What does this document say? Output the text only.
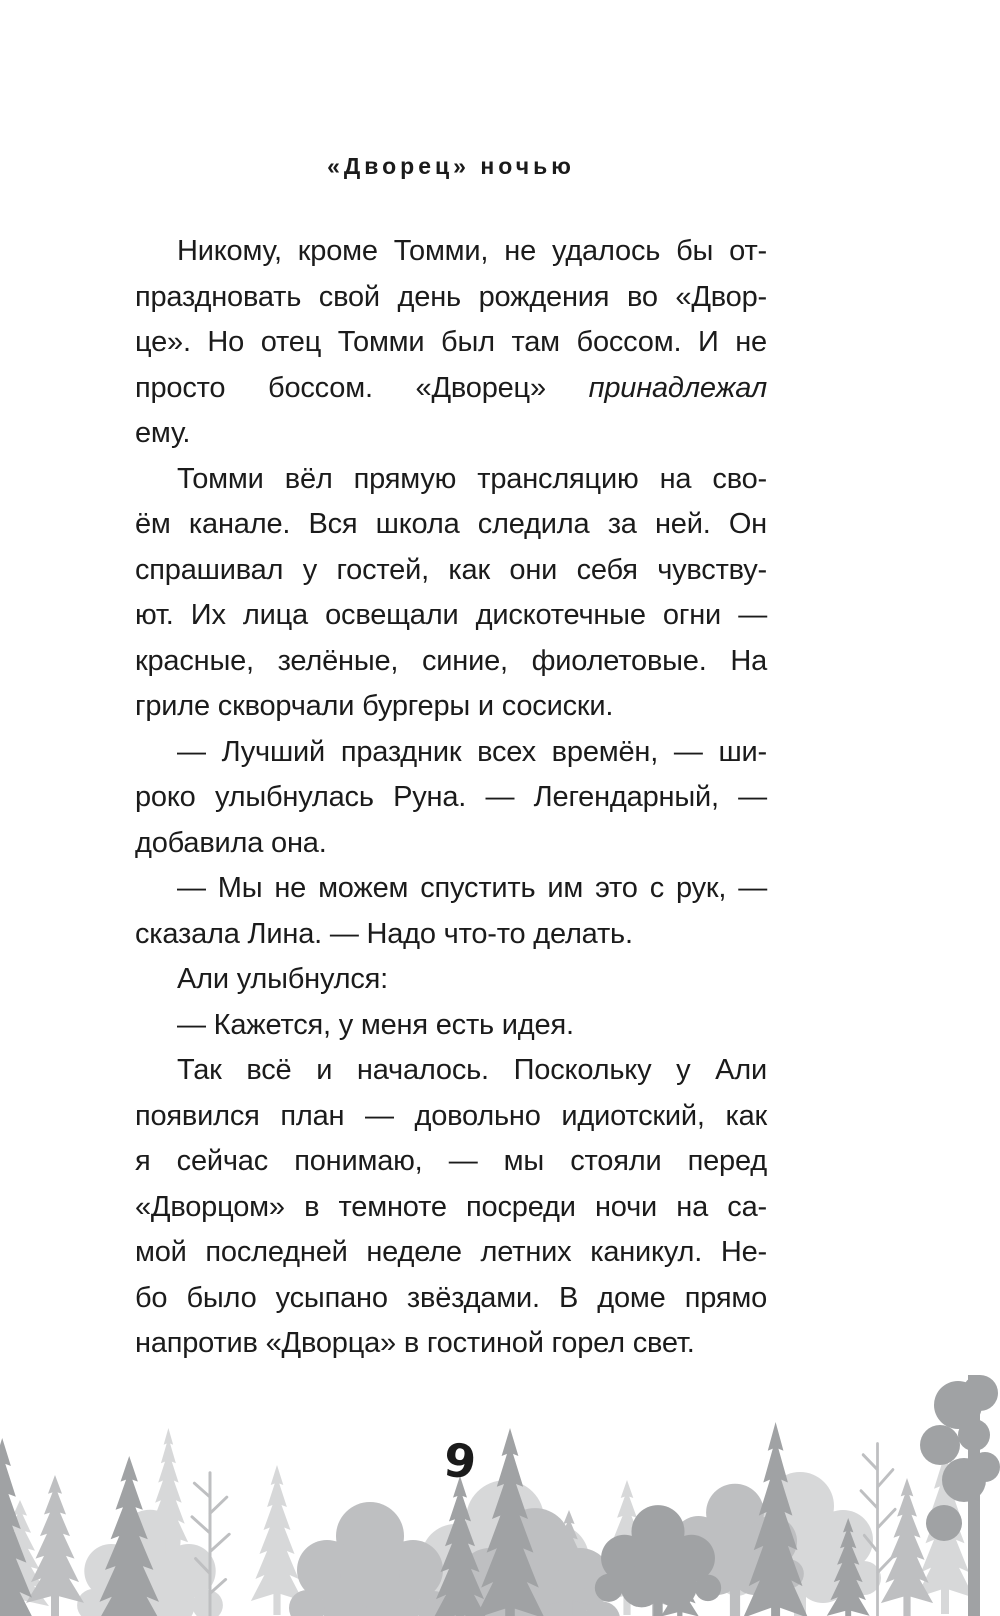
«Дворец» ночью
Никому, кроме Томми, не удалось бы от-
праздновать свой день рождения во «Двор-
це». Но отец Томми был там боссом. И не
просто боссом. «Дворец» принадлежал
ему.
Томми вёл прямую трансляцию на сво-
ём канале. Вся школа следила за ней. Он
спрашивал у гостей, как они себя чувству-
ют. Их лица освещали дискотечные огни —
красные, зелёные, синие, фиолетовые. На
гриле скворчали бургеры и сосиски.
— Лучший праздник всех времён, — ши-
роко улыбнулась Руна. — Легендарный, —
добавила она.
— Мы не можем спустить им это с рук, —
сказала Лина. — Надо что-то делать.
Али улыбнулся:
— Кажется, у меня есть идея.
Так всё и началось. Поскольку у Али
появился план — довольно идиотский, как
я сейчас понимаю, — мы стояли перед
«Дворцом» в темноте посреди ночи на са-
мой последней неделе летних каникул. Не-
бо было усыпано звёздами. В доме прямо
напротив «Дворца» в гостиной горел свет.
9
